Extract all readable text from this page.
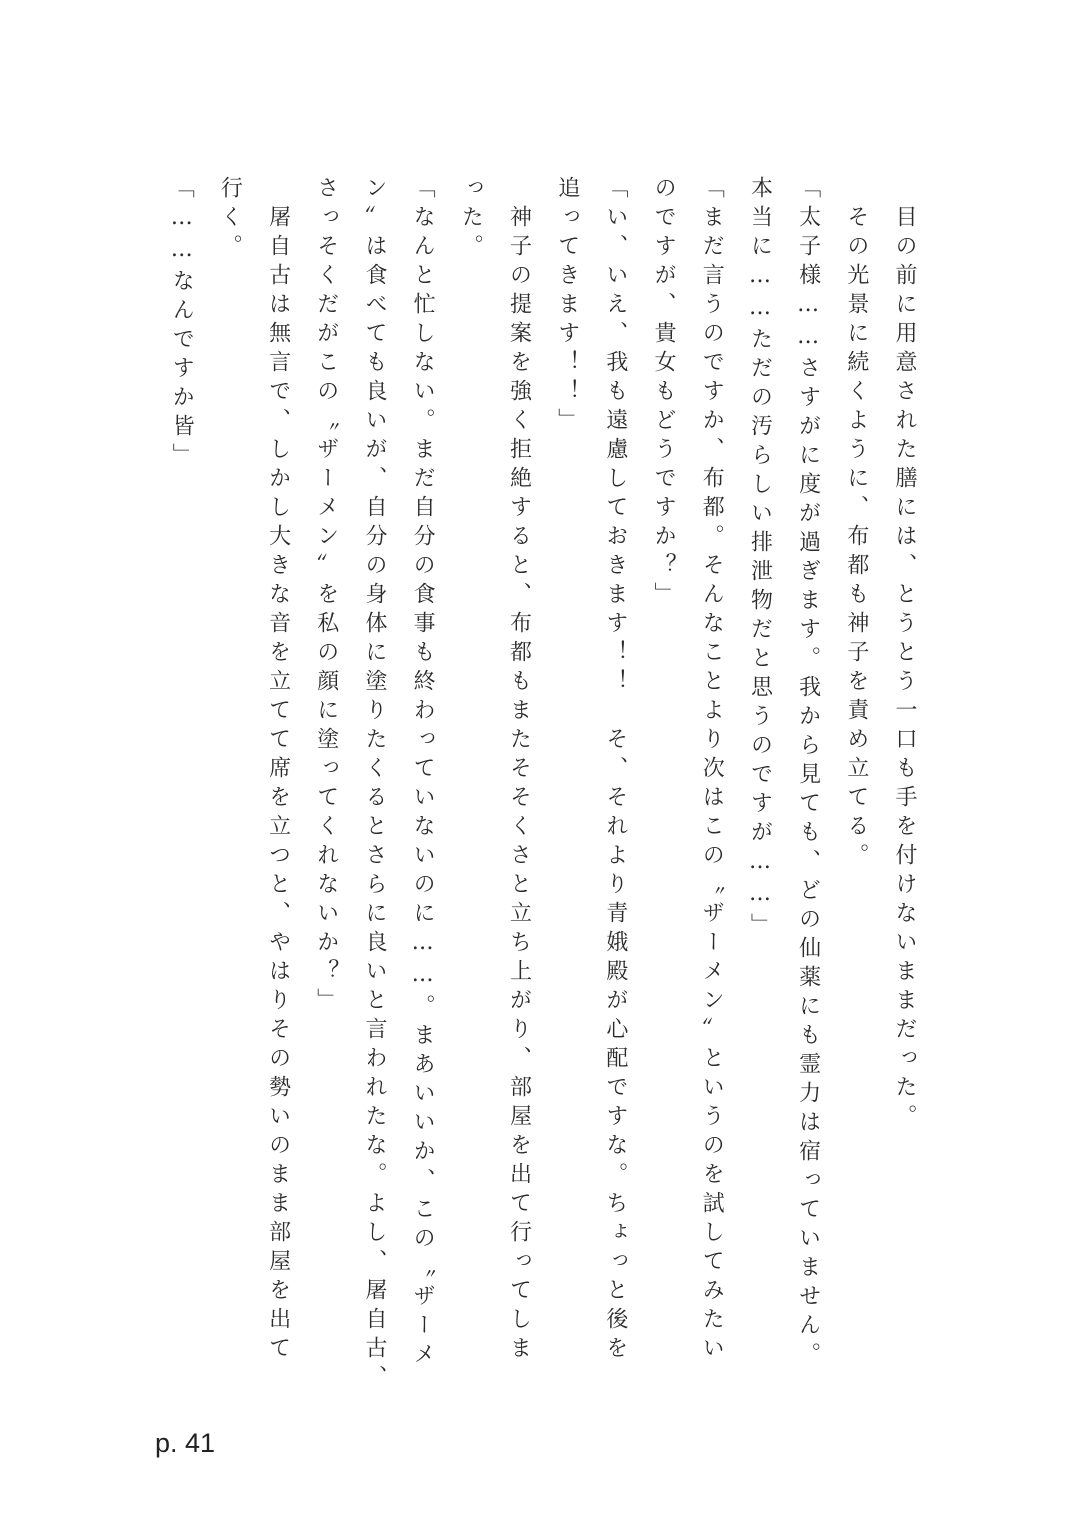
目の前に用意された膳には、とうとう一口も手を付けないままだった。
その光景に続くように、布都も神子を責め立てる。
「太子様……さすがに度が過ぎます。我から見ても、どの仙薬にも霊力は宿っていません。
本当に……ただの汚らしい排泄物だと思うのですが……」
「まだ言うのですか、布都。そんなことより次はこの〝ザーメン〟というのを試してみたい
のですが、貴女もどうですか？」
「い、いえ、我も遠慮しておきます！！　そ、それより青娥殿が心配ですな。ちょっと後を
追ってきます！！」
神子の提案を強く拒絶すると、布都もまたそそくさと立ち上がり、部屋を出て行ってしま
った。
「なんと忙しない。まだ自分の食事も終わっていないのに……。まあいいか、この〝ザーメ
ン〟は食べても良いが、自分の身体に塗りたくるとさらに良いと言われたな。よし、屠自古、
さっそくだがこの〝ザーメン〟を私の顔に塗ってくれないか？」
屠自古は無言で、しかし大きな音を立てて席を立つと、やはりその勢いのまま部屋を出て
行く。
「……なんですか皆」
p. 41
